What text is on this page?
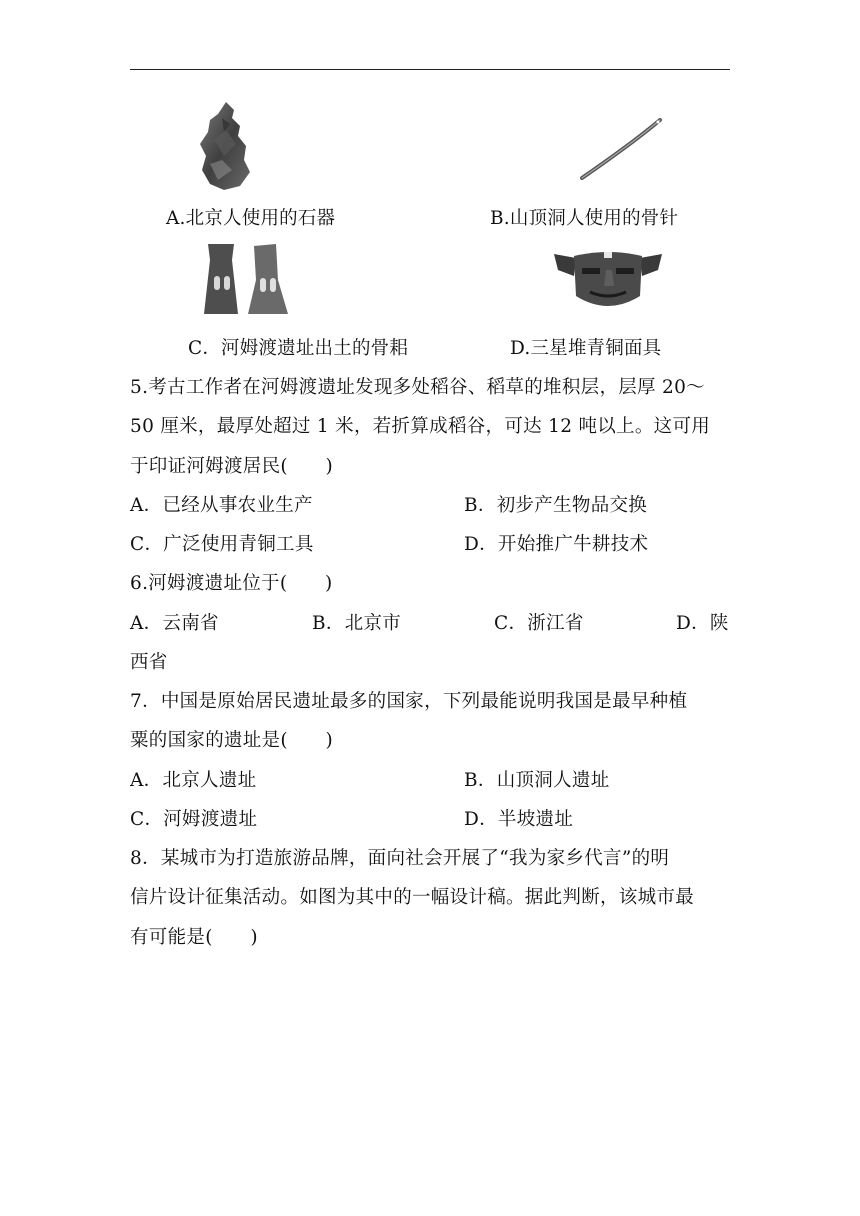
A.北京人使用的石器	B.山顶洞人使用的骨针
C．河姆渡遗址出土的骨耜	D.三星堆青铜面具
5.考古工作者在河姆渡遗址发现多处稻谷、稻草的堆积层，层厚 20～
50 厘米，最厚处超过 1 米，若折算成稻谷，可达 12 吨以上。这可用
于印证河姆渡居民(　　)
A．已经从事农业生产	B．初步产生物品交换
C．广泛使用青铜工具	D．开始推广牛耕技术
6.河姆渡遗址位于(　　)
A．云南省	B．北京市	C．浙江省	D．陕
西省
7．中国是原始居民遗址最多的国家，下列最能说明我国是最早种植
粟的国家的遗址是(　　)
A．北京人遗址	B．山顶洞人遗址
C．河姆渡遗址	D．半坡遗址
8．某城市为打造旅游品牌，面向社会开展了“我为家乡代言”的明
信片设计征集活动。如图为其中的一幅设计稿。据此判断，该城市最
有可能是(　　)
